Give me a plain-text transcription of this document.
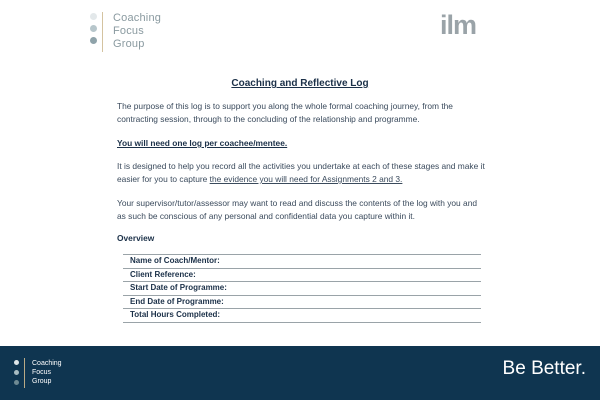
Coaching
Focus
Group
ilm
Coaching and Reflective Log
The purpose of this log is to support you along the whole formal coaching journey, from the contracting session, through to the concluding of the relationship and programme.
You will need one log per coachee/mentee.
It is designed to help you record all the activities you undertake at each of these stages and make it easier for you to capture the evidence you will need for Assignments 2 and 3.
Your supervisor/tutor/assessor may want to read and discuss the contents of the log with you and as such be conscious of any personal and confidential data you capture within it.
Overview
Name of Coach/Mentor:
Client Reference:
Start Date of Programme:
End Date of Programme:
Total Hours Completed:
Coaching
Focus
Group
Be Better.
